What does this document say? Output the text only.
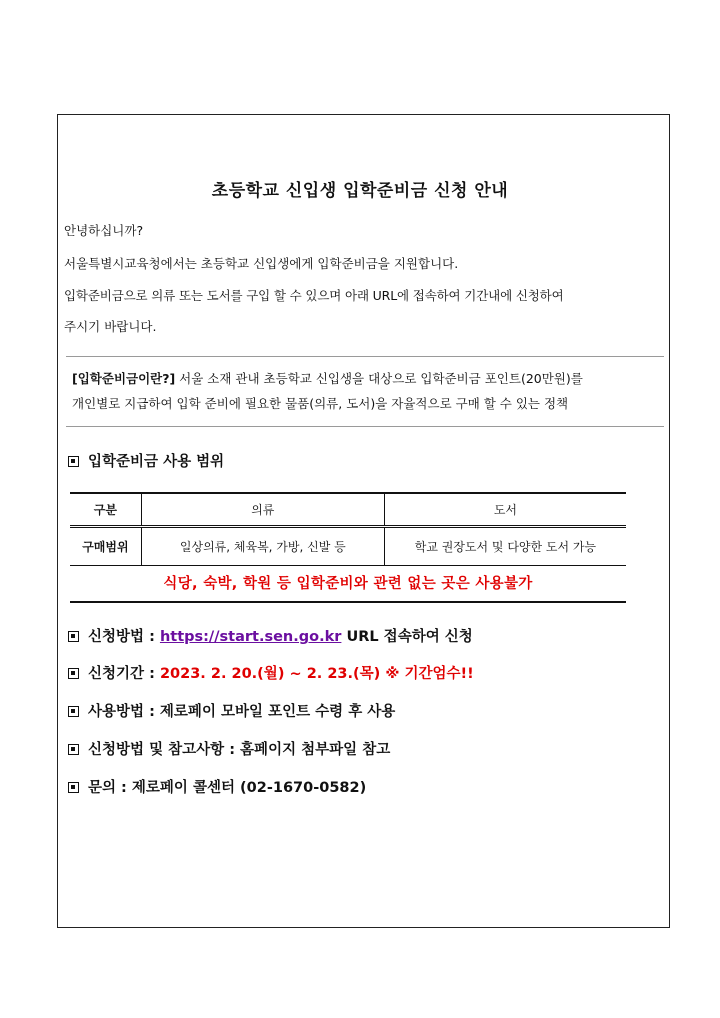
초등학교 신입생 입학준비금 신청 안내
안녕하십니까?
서울특별시교육청에서는 초등학교 신입생에게 입학준비금을 지원합니다.
입학준비금으로 의류 또는 도서를 구입 할 수 있으며 아래 URL에 접속하여 기간내에 신청하여
주시기 바랍니다.
[입학준비금이란?] 서울 소재 관내 초등학교 신입생을 대상으로 입학준비금 포인트(20만원)를
개인별로 지급하여 입학 준비에 필요한 물품(의류, 도서)을 자율적으로 구매 할 수 있는 정책
입학준비금 사용 범위
구분	의류	도서
구매범위	일상의류, 체육복, 가방, 신발 등	학교 권장도서 및 다양한 도서 가능
식당, 숙박, 학원 등 입학준비와 관련 없는 곳은 사용불가
신청방법 : https://start.sen.go.kr URL 접속하여 신청
신청기간 : 2023. 2. 20.(월) ~ 2. 23.(목) ※ 기간엄수!!
사용방법 : 제로페이 모바일 포인트 수령 후 사용
신청방법 및 참고사항 : 홈페이지 첨부파일 참고
문의 : 제로페이 콜센터 (02-1670-0582)
